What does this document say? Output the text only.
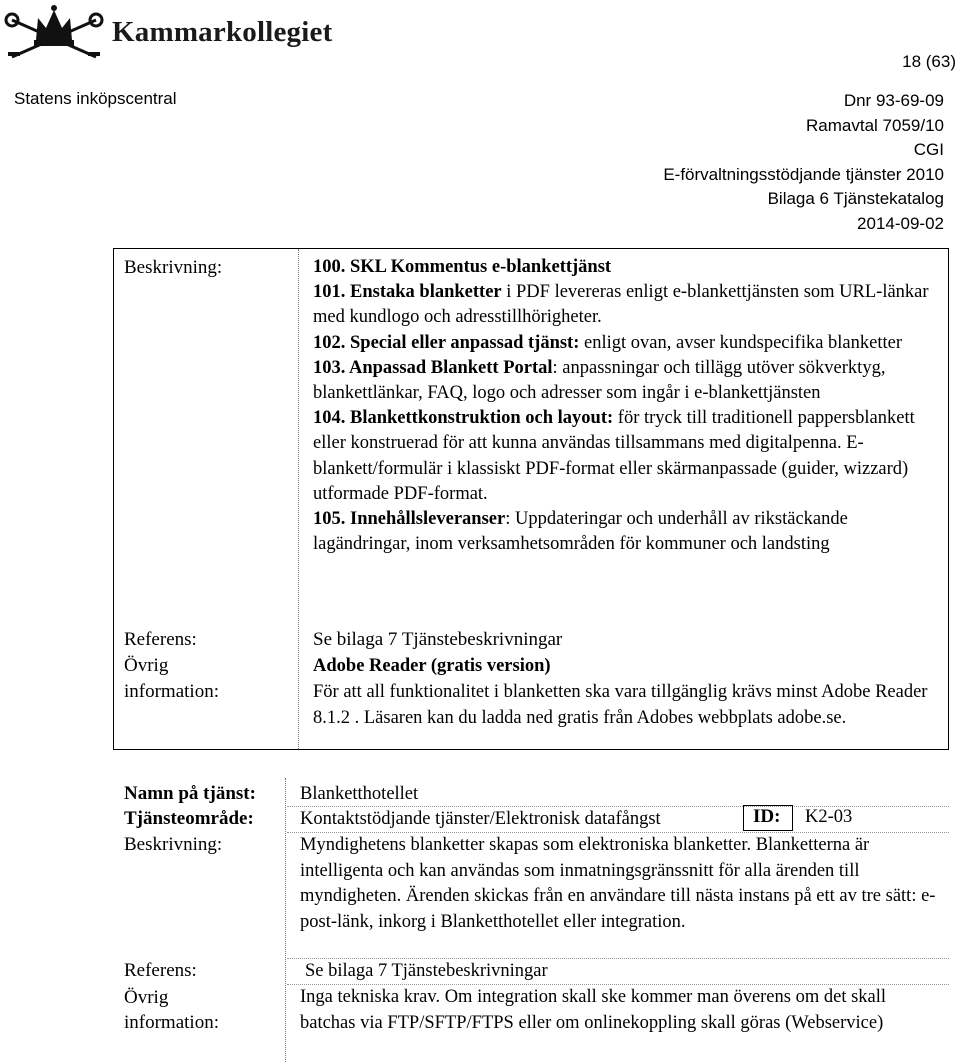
Kammarkollegiet
18 (63)
Statens inköpscentral	Dnr 93-69-09
Ramavtal 7059/10
CGI
E-förvaltningsstödjande tjänster 2010
Bilaga 6 Tjänstekatalog
2014-09-02
Beskrivning:
Referens:
Övrig
information:
100. SKL Kommentus e-blankettjänst
101. Enstaka blanketter i PDF levereras enligt e-blankettjänsten som URL-länkar med kundlogo och adresstillhörigheter.
102. Special eller anpassad tjänst: enligt ovan, avser kundspecifika blanketter
103. Anpassad Blankett Portal: anpassningar och tillägg utöver sökverktyg, blankettlänkar, FAQ, logo och adresser som ingår i e-blankettjänsten
104. Blankettkonstruktion och layout: för tryck till traditionell pappersblankett eller konstruerad för att kunna användas tillsammans med digitalpenna. E-blankett/formulär i klassiskt PDF-format eller skärmanpassade (guider, wizzard) utformade PDF-format.
105. Innehållsleveranser: Uppdateringar och underhåll av rikstäckande lagändringar, inom verksamhetsområden för kommuner och landsting
Se bilaga 7 Tjänstebeskrivningar
Adobe Reader (gratis version)
För att all funktionalitet i blanketten ska vara tillgänglig krävs minst Adobe Reader 8.1.2 . Läsaren kan du ladda ned gratis från Adobes webbplats adobe.se.
Namn på tjänst:
Tjänsteområde:
Beskrivning:
Referens:
Övrig
information:
Blanketthotellet
Kontaktstödjande tjänster/Elektronisk datafångst	ID: K2-03
Myndighetens blanketter skapas som elektroniska blanketter. Blanketterna är intelligenta och kan användas som inmatningsgränssnitt för alla ärenden till myndigheten. Ärenden skickas från en användare till nästa instans på ett av tre sätt: e-post-länk, inkorg i Blanketthotellet eller integration.
Se bilaga 7 Tjänstebeskrivningar
Inga tekniska krav. Om integration skall ske kommer man överens om det skall batchas via FTP/SFTP/FTPS eller om onlinekoppling skall göras (Webservice)
